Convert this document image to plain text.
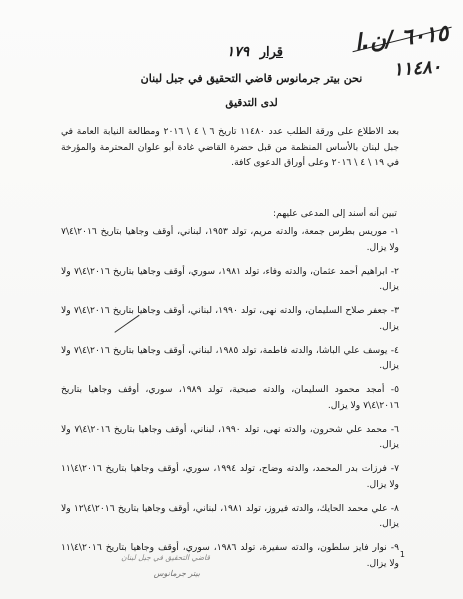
٦٠١٥ /ن.ا
١١٤٨٠
قرار ١٧٩
نحن بيتر جرمانوس قاضي التحقيق في جبل لبنان
لدى التدقيق
بعد الاطلاع على ورقة الطلب عدد ١١٤٨٠ تاريخ ٦ \ ٤ \ ٢٠١٦ ومطالعة النيابة العامة في جبل لبنان بالأساس المنظمة من قبل حضرة القاضي غادة أبو علوان المحترمة والمؤرخة في ١٩ \ ٤ \ ٢٠١٦ وعلى أوراق الدعوى كافة.
تبين أنه أسند إلى المدعى عليهم:
١- موريس بطرس جمعة، والدته مريم، تولد ١٩٥٣، لبناني، أوقف وجاهيا بتاريخ ٢٠١٦\٤\٧ ولا يزال.
٢- ابراهيم أحمد عثمان، والدته وفاء، تولد ١٩٨١، سوري، أوقف وجاهيا بتاريخ ٢٠١٦\٤\٧ ولا يزال.
٣- جعفر صلاح السليمان، والدته نهى، تولد ١٩٩٠، لبناني، أوقف وجاهيا بتاريخ ٢٠١٦\٤\٧ ولا يزال.
٤- يوسف علي الباشا، والدته فاطمة، تولد ١٩٨٥، لبناني، أوقف وجاهيا بتاريخ ٢٠١٦\٤\٧ ولا يزال.
٥- أمجد محمود السليمان، والدته صبحية، تولد ١٩٨٩، سوري، أوقف وجاهيا بتاريخ ٢٠١٦\٤\٧ ولا يزال.
٦- محمد علي شحرون، والدته نهى، تولد ١٩٩٠، لبناني، أوقف وجاهيا بتاريخ ٢٠١٦\٤\٧ ولا يزال.
٧- فرزات بدر المحمد، والدته وضاح، تولد ١٩٩٤، سوري، أوقف وجاهيا بتاريخ ٢٠١٦\٤\١١ ولا يزال.
٨- علي محمد الحايك، والدته فيروز، تولد ١٩٨١، لبناني، أوقف وجاهيا بتاريخ ٢٠١٦\٤\١٢ ولا يزال.
٩- نوار فايز سلطون، والدته سفيرة، تولد ١٩٨٦، سوري، أوقف وجاهيا بتاريخ ٢٠١٦\٤\١١ ولا يزال.
1
قاضي التحقيق في جبل لبنان
بيتر جرمانوس
